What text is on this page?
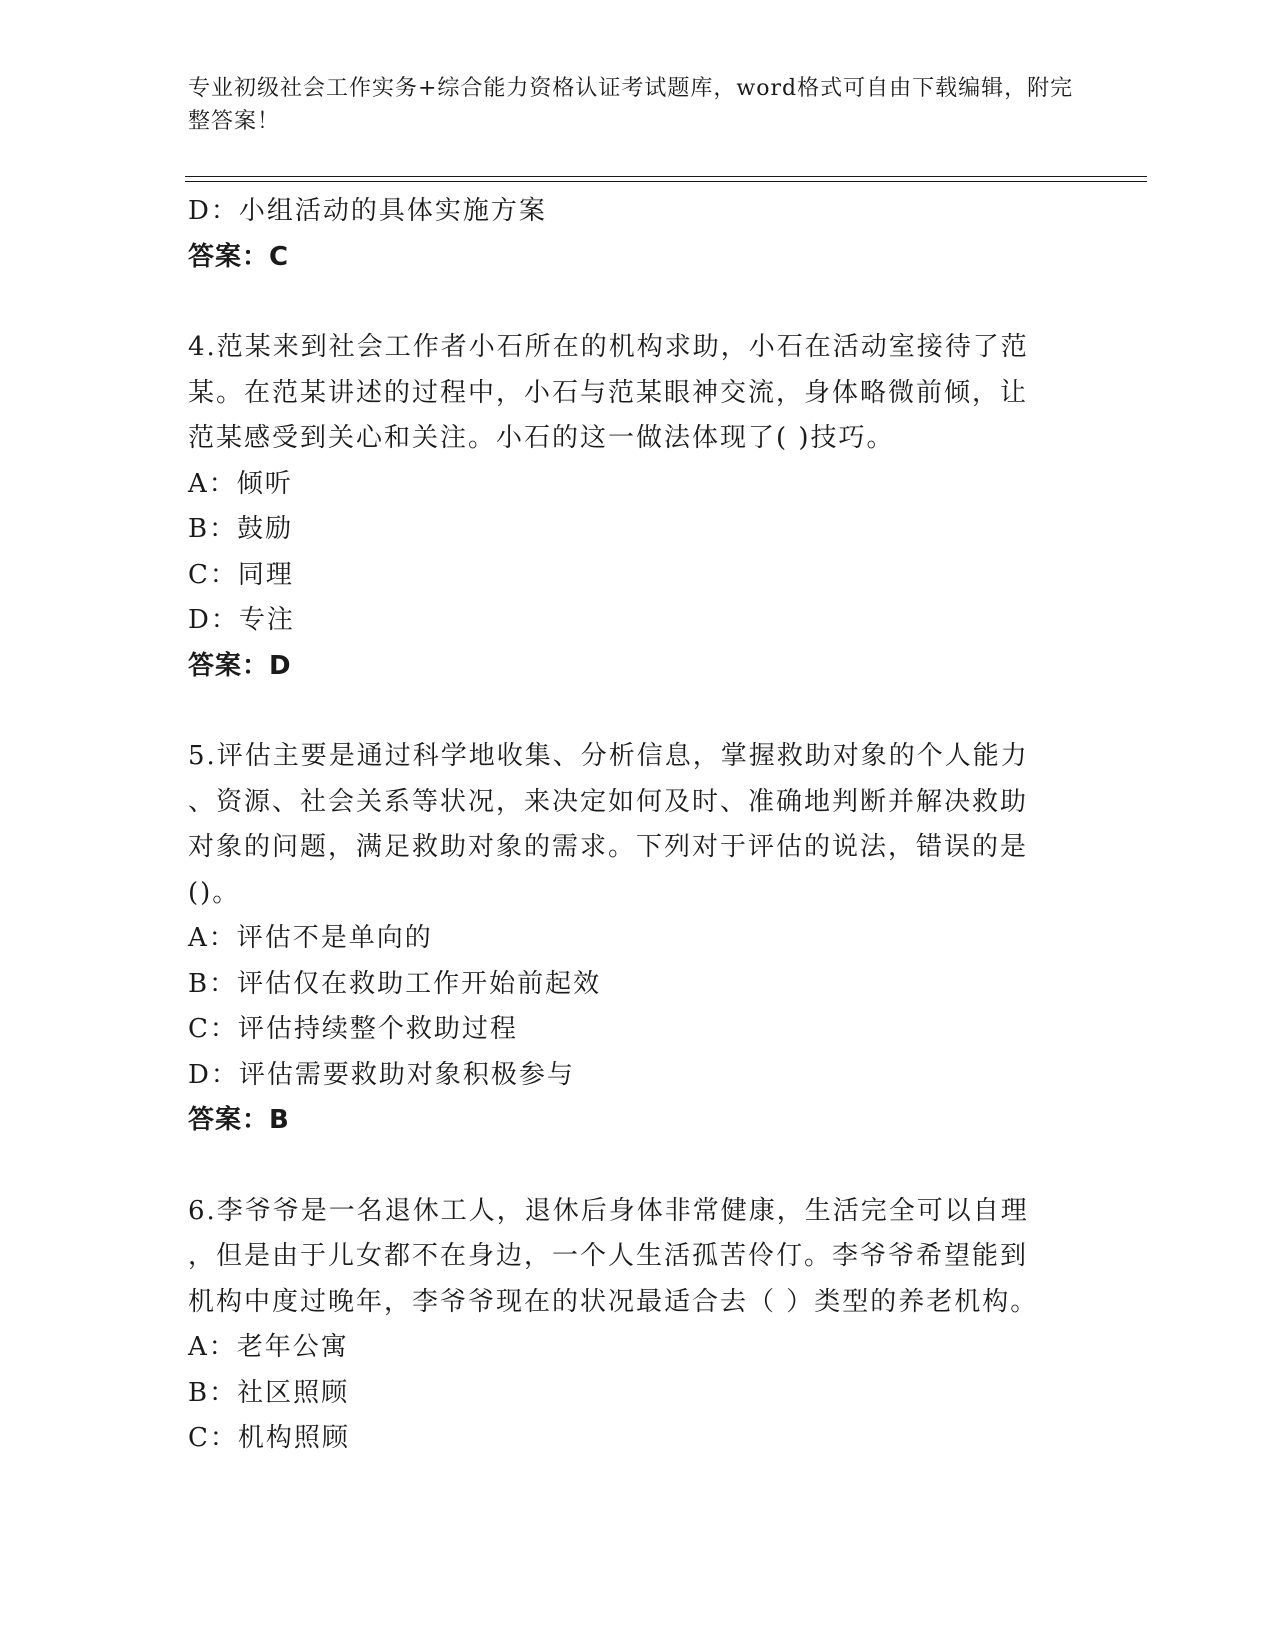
专业初级社会工作实务+综合能力资格认证考试题库，word格式可自由下载编辑，附完整答案！
D：小组活动的具体实施方案
答案：C
4.范某来到社会工作者小石所在的机构求助，小石在活动室接待了范
某。在范某讲述的过程中，小石与范某眼神交流，身体略微前倾，让
范某感受到关心和关注。小石的这一做法体现了( )技巧。
A：倾听
B：鼓励
C：同理
D：专注
答案：D
5.评估主要是通过科学地收集、分析信息，掌握救助对象的个人能力
、资源、社会关系等状况，来决定如何及时、准确地判断并解决救助
对象的问题，满足救助对象的需求。下列对于评估的说法，错误的是
()。
A：评估不是单向的
B：评估仅在救助工作开始前起效
C：评估持续整个救助过程
D：评估需要救助对象积极参与
答案：B
6.李爷爷是一名退休工人，退休后身体非常健康，生活完全可以自理
，但是由于儿女都不在身边，一个人生活孤苦伶仃。李爷爷希望能到
机构中度过晚年，李爷爷现在的状况最适合去（ ）类型的养老机构。
A：老年公寓
B：社区照顾
C：机构照顾
